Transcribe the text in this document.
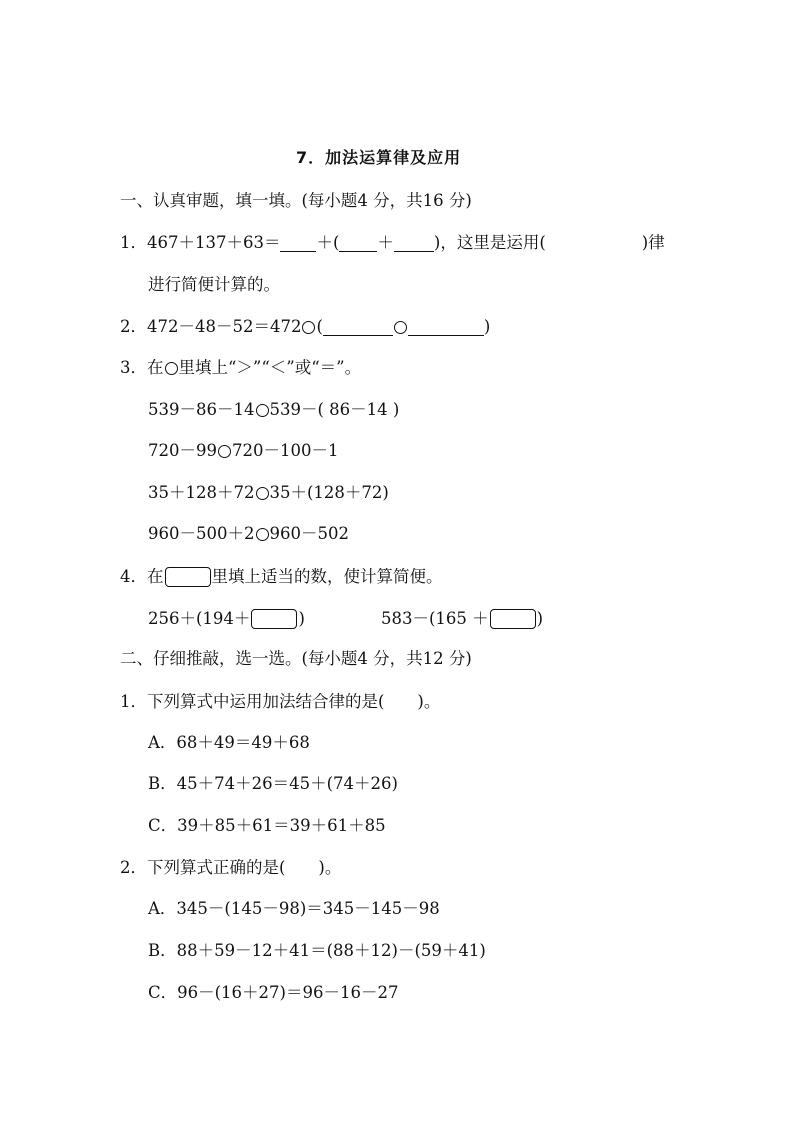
7．加法运算律及应用
一、认真审题，填一填。(每小题4 分，共16 分)
1． 467＋137＋63＝ ＋( ＋ )，这里是运用(	)律
进行简便计算的。
2． 472－48－52＝472 (	)
3． 在 里填上“＞”“＜”或“＝”。
539－86－14 539－( 86－14 )
720－99 720－100－1
35＋128＋72 35＋(128＋72)
960－500＋2 960－502
4． 在	里填上适当的数，使计算简便。
256＋(194＋	)	583－(165 ＋	)
二、仔细推敲，选一选。(每小题4 分，共12 分)
1．下列算式中运用加法结合律的是(　　)。
A．68＋49＝49＋68
B．45＋74＋26＝45＋(74＋26)
C．39＋85＋61＝39＋61＋85
2．下列算式正确的是(　　)。
A．345－(145－98)＝345－145－98
B．88＋59－12＋41＝(88＋12)－(59＋41)
C．96－(16＋27)＝96－16－27
